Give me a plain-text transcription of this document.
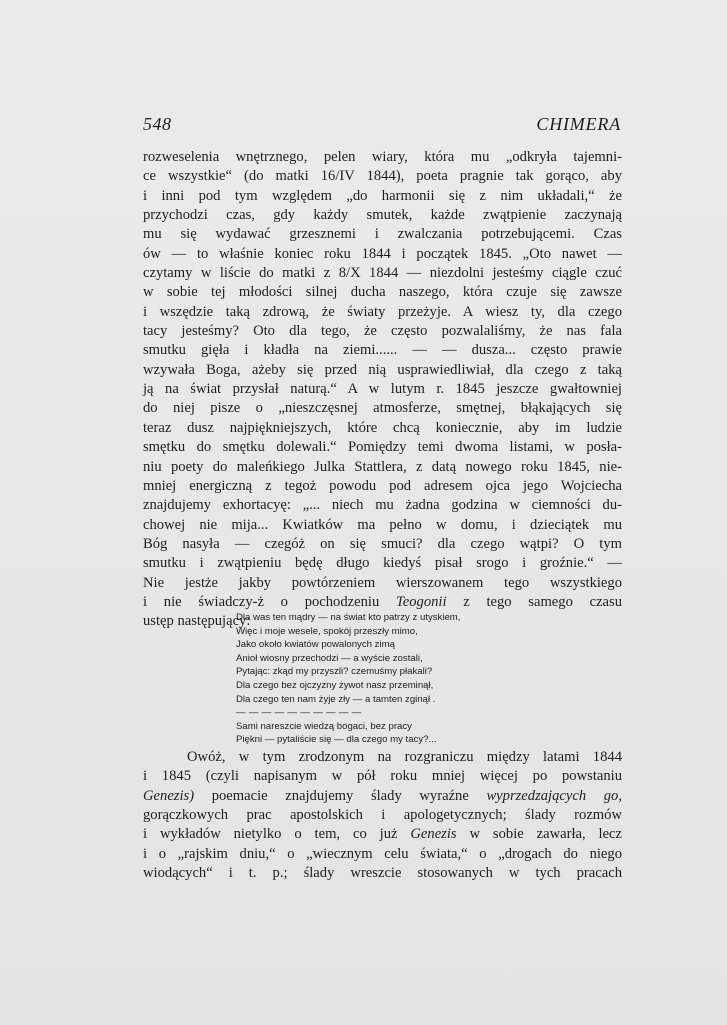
548	CHIMERA
rozweselenia wnętrznego, pelen wiary, która mu „odkryła tajemni-
ce wszystkie“ (do matki 16/IV 1844), poeta pragnie tak gorąco, aby
i inni pod tym względem „do harmonii się z nim układali,“ że
przychodzi czas, gdy każdy smutek, każde zwątpienie zaczynają
mu się wydawać grzesznemi i zwalczania potrzebującemi. Czas
ów — to właśnie koniec roku 1844 i początek 1845. „Oto nawet —
czytamy w liście do matki z 8/X 1844 — niezdolni jesteśmy ciągle czuć
w sobie tej młodości silnej ducha naszego, która czuje się zawsze
i wszędzie taką zdrową, że światy przeżyje. A wiesz ty, dla czego
tacy jesteśmy? Oto dla tego, że często pozwalaliśmy, że nas fala
smutku gięła i kładła na ziemi...... — — dusza... często prawie
wzywała Boga, ażeby się przed nią usprawiedliwiał, dla czego z taką
ją na świat przysłał naturą.“ A w lutym r. 1845 jeszcze gwałtowniej
do niej pisze o „nieszczęsnej atmosferze, smętnej, błąkających się
teraz dusz najpiękniejszych, które chcą koniecznie, aby im ludzie
smętku do smętku dolewali.“ Pomiędzy temi dwoma listami, w posła-
niu poety do maleńkiego Julka Stattlera, z datą nowego roku 1845, nie-
mniej energiczną z tegoż powodu pod adresem ojca jego Wojciecha
znajdujemy exhortacyę: „... niech mu żadna godzina w ciemności du-
chowej nie mija... Kwiatków ma pełno w domu, i dzieciątek mu
Bóg nasyła — czegóż on się smuci? dla czego wątpi? O tym
smutku i zwątpieniu będę długo kiedyś pisał srogo i groźnie.“ —
Nie jestże jakby powtórzeniem wierszowanem tego wszystkiego
i nie świadczy-ż o pochodzeniu Teogonii z tego samego czasu
ustęp następujący:
Dla was ten mądry — na świat kto patrzy z utyskiem,
Więc i moje wesele, spokój przeszły mimo,
Jako około kwiatów powalonych zimą
Anioł wiosny przechodzi — a wyście zostali,
Pytając: zkąd my przyszli? czemuśmy płakali?
Dla czego bez ojczyzny żywot nasz przeminął,
Dla czego ten nam żyje zły — a tamten zginął .
— — — — — — — — — —
Sami nareszcie wiedzą bogaci, bez pracy
Piękni — pytaliście się — dla czego my tacy?...
Owóż, w tym zrodzonym na rozgraniczu między latami 1844
i 1845 (czyli napisanym w pół roku mniej więcej po powstaniu
Genezis) poemacie znajdujemy ślady wyraźne wyprzedzających go,
gorączkowych prac apostolskich i apologetycznych; ślady rozmów
i wykładów nietylko o tem, co już Genezis w sobie zawarła, lecz
i o „rajskim dniu,“ o „wiecznym celu świata,“ o „drogach do niego
wiodących“ i t. p.; ślady wreszcie stosowanych w tych pracach
